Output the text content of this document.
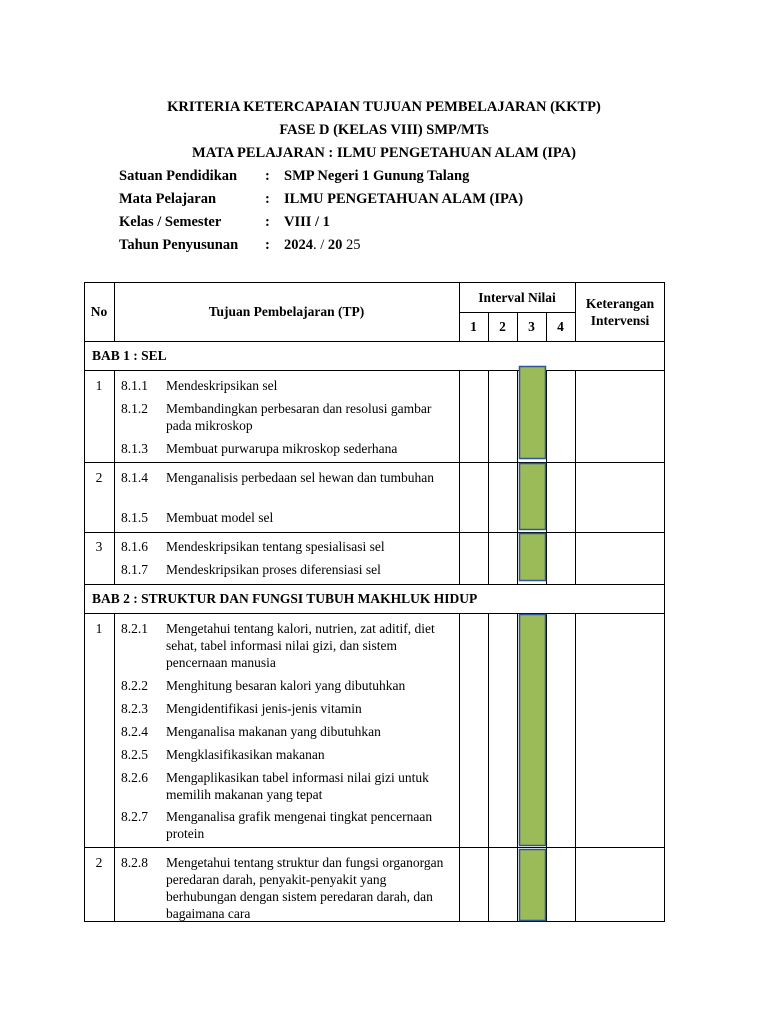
KRITERIA KETERCAPAIAN TUJUAN PEMBELAJARAN (KKTP)
FASE D (KELAS VIII) SMP/MTs
MATA PELAJARAN : ILMU PENGETAHUAN ALAM (IPA)
Satuan Pendidikan	: SMP Negeri 1 Gunung Talang
Mata Pelajaran	: ILMU PENGETAHUAN ALAM (IPA)
Kelas / Semester	: VIII / 1
Tahun Penyusunan	: 2024. / 20 25
No	Tujuan Pembelajaran (TP)
Interval Nilai
1	2	3	4
Keterangan
Intervensi
BAB 1 : SEL
1	8.1.1 Mendeskripsikan sel
8.1.2 Membandingkan perbesaran dan resolusi gambar pada mikroskop
8.1.3 Membuat purwarupa mikroskop sederhana
2	8.1.4 Menganalisis perbedaan sel hewan dan tumbuhan
8.1.5 Membuat model sel
3	8.1.6 Mendeskripsikan tentang spesialisasi sel
8.1.7 Mendeskripsikan proses diferensiasi sel
BAB 2 : STRUKTUR DAN FUNGSI TUBUH MAKHLUK HIDUP
1	8.2.1 Mengetahui tentang kalori, nutrien, zat aditif, diet sehat, tabel informasi nilai gizi, dan sistem pencernaan manusia
8.2.2 Menghitung besaran kalori yang dibutuhkan
8.2.3 Mengidentifikasi jenis-jenis vitamin
8.2.4 Menganalisa makanan yang dibutuhkan
8.2.5 Mengklasifikasikan makanan
8.2.6 Mengaplikasikan tabel informasi nilai gizi untuk memilih makanan yang tepat
8.2.7 Menganalisa grafik mengenai tingkat pencernaan protein
2	8.2.8 Mengetahui tentang struktur dan fungsi organorgan peredaran darah, penyakit-penyakit yang berhubungan dengan sistem peredaran darah, dan bagaimana cara
